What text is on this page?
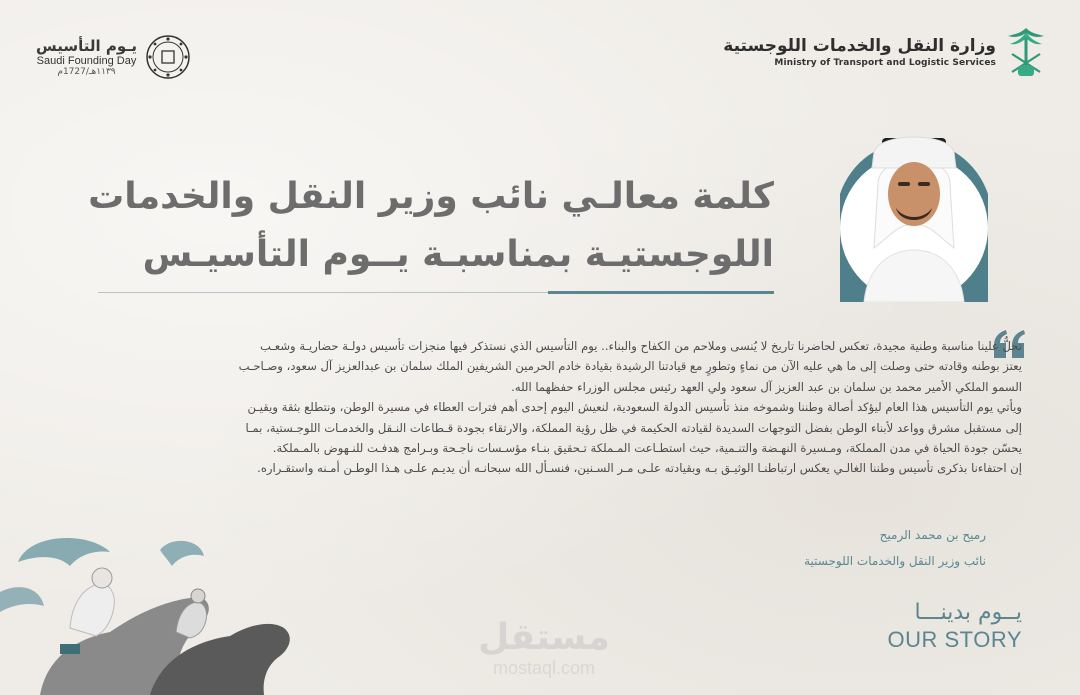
يـوم التأسيس
Saudi Founding Day
١١٣٩هـ/1727م
وزارة النقل والخدمات اللوجستية
Ministry of Transport and Logistic Services
كلمة معالـي نائب وزير النقل والخدمات
اللوجستيـة بمناسبـة يــوم التأسيـس

تحلُّ علينا مناسبة وطنية مجيدة، تعكس لحاضرنا تاريخ لا يُنسى وملاحم من الكفاح والبناء.. يوم التأسيس الذي نستذكر فيها منجزات تأسيس دولـة حضاريـة وشعـب

يعتز بوطنه وقادته حتى وصلت إلى ما هي عليه الآن من نماءٍ وتطورٍ مع قيادتنا الرشيدة بقيادة خادم الحرمين الشريفين الملك سلمان بن عبدالعزيز آل سعود، وصـاحـب

السمو الملكي الأمير محمد بن سلمان بن عبد العزيز آل سعود ولي العهد رئيس مجلس الوزراء حفظهما الله.

ويأتي يوم التأسيس هذا العام ليؤكد أصالة وطننا وشموخه منذ تأسيس الدولة السعودية، لنعيش اليوم إحدى أهم فترات العطاء في مسيرة الوطن، ونتطلع بثقة ويقيـن

إلى مستقبل مشرق وواعد لأبناء الوطن بفضل التوجهات السديدة لقيادته الحكيمة في ظل رؤية المملكة، والارتقاء بجودة قـطاعات النـقل والخدمـات اللوجـستية، بمـا

يحسّن جودة الحياة في مدن المملكة، ومـسيرة النهـضة والتنـمية، حيث استطـاعت المـملكة تـحقيق بنـاء مؤسـسات ناجـحة وبـرامج هدفـت للنـهوض بالمـملكة.

إن احتفاءنا بذكرى تأسيس وطننا الغالـي يعكس ارتباطنـا الوثيـق بـه وبقيادته علـى مـر السـنين، فنسـأل الله سبحانـه أن يديـم علـى هـذا الوطـن أمـنه واستقـراره.

رميح بن محمد الرميح
نائب وزير النقل والخدمات اللوجستية
مستقل
mostaql.com
يــوم بدينـــا
OUR STORY
